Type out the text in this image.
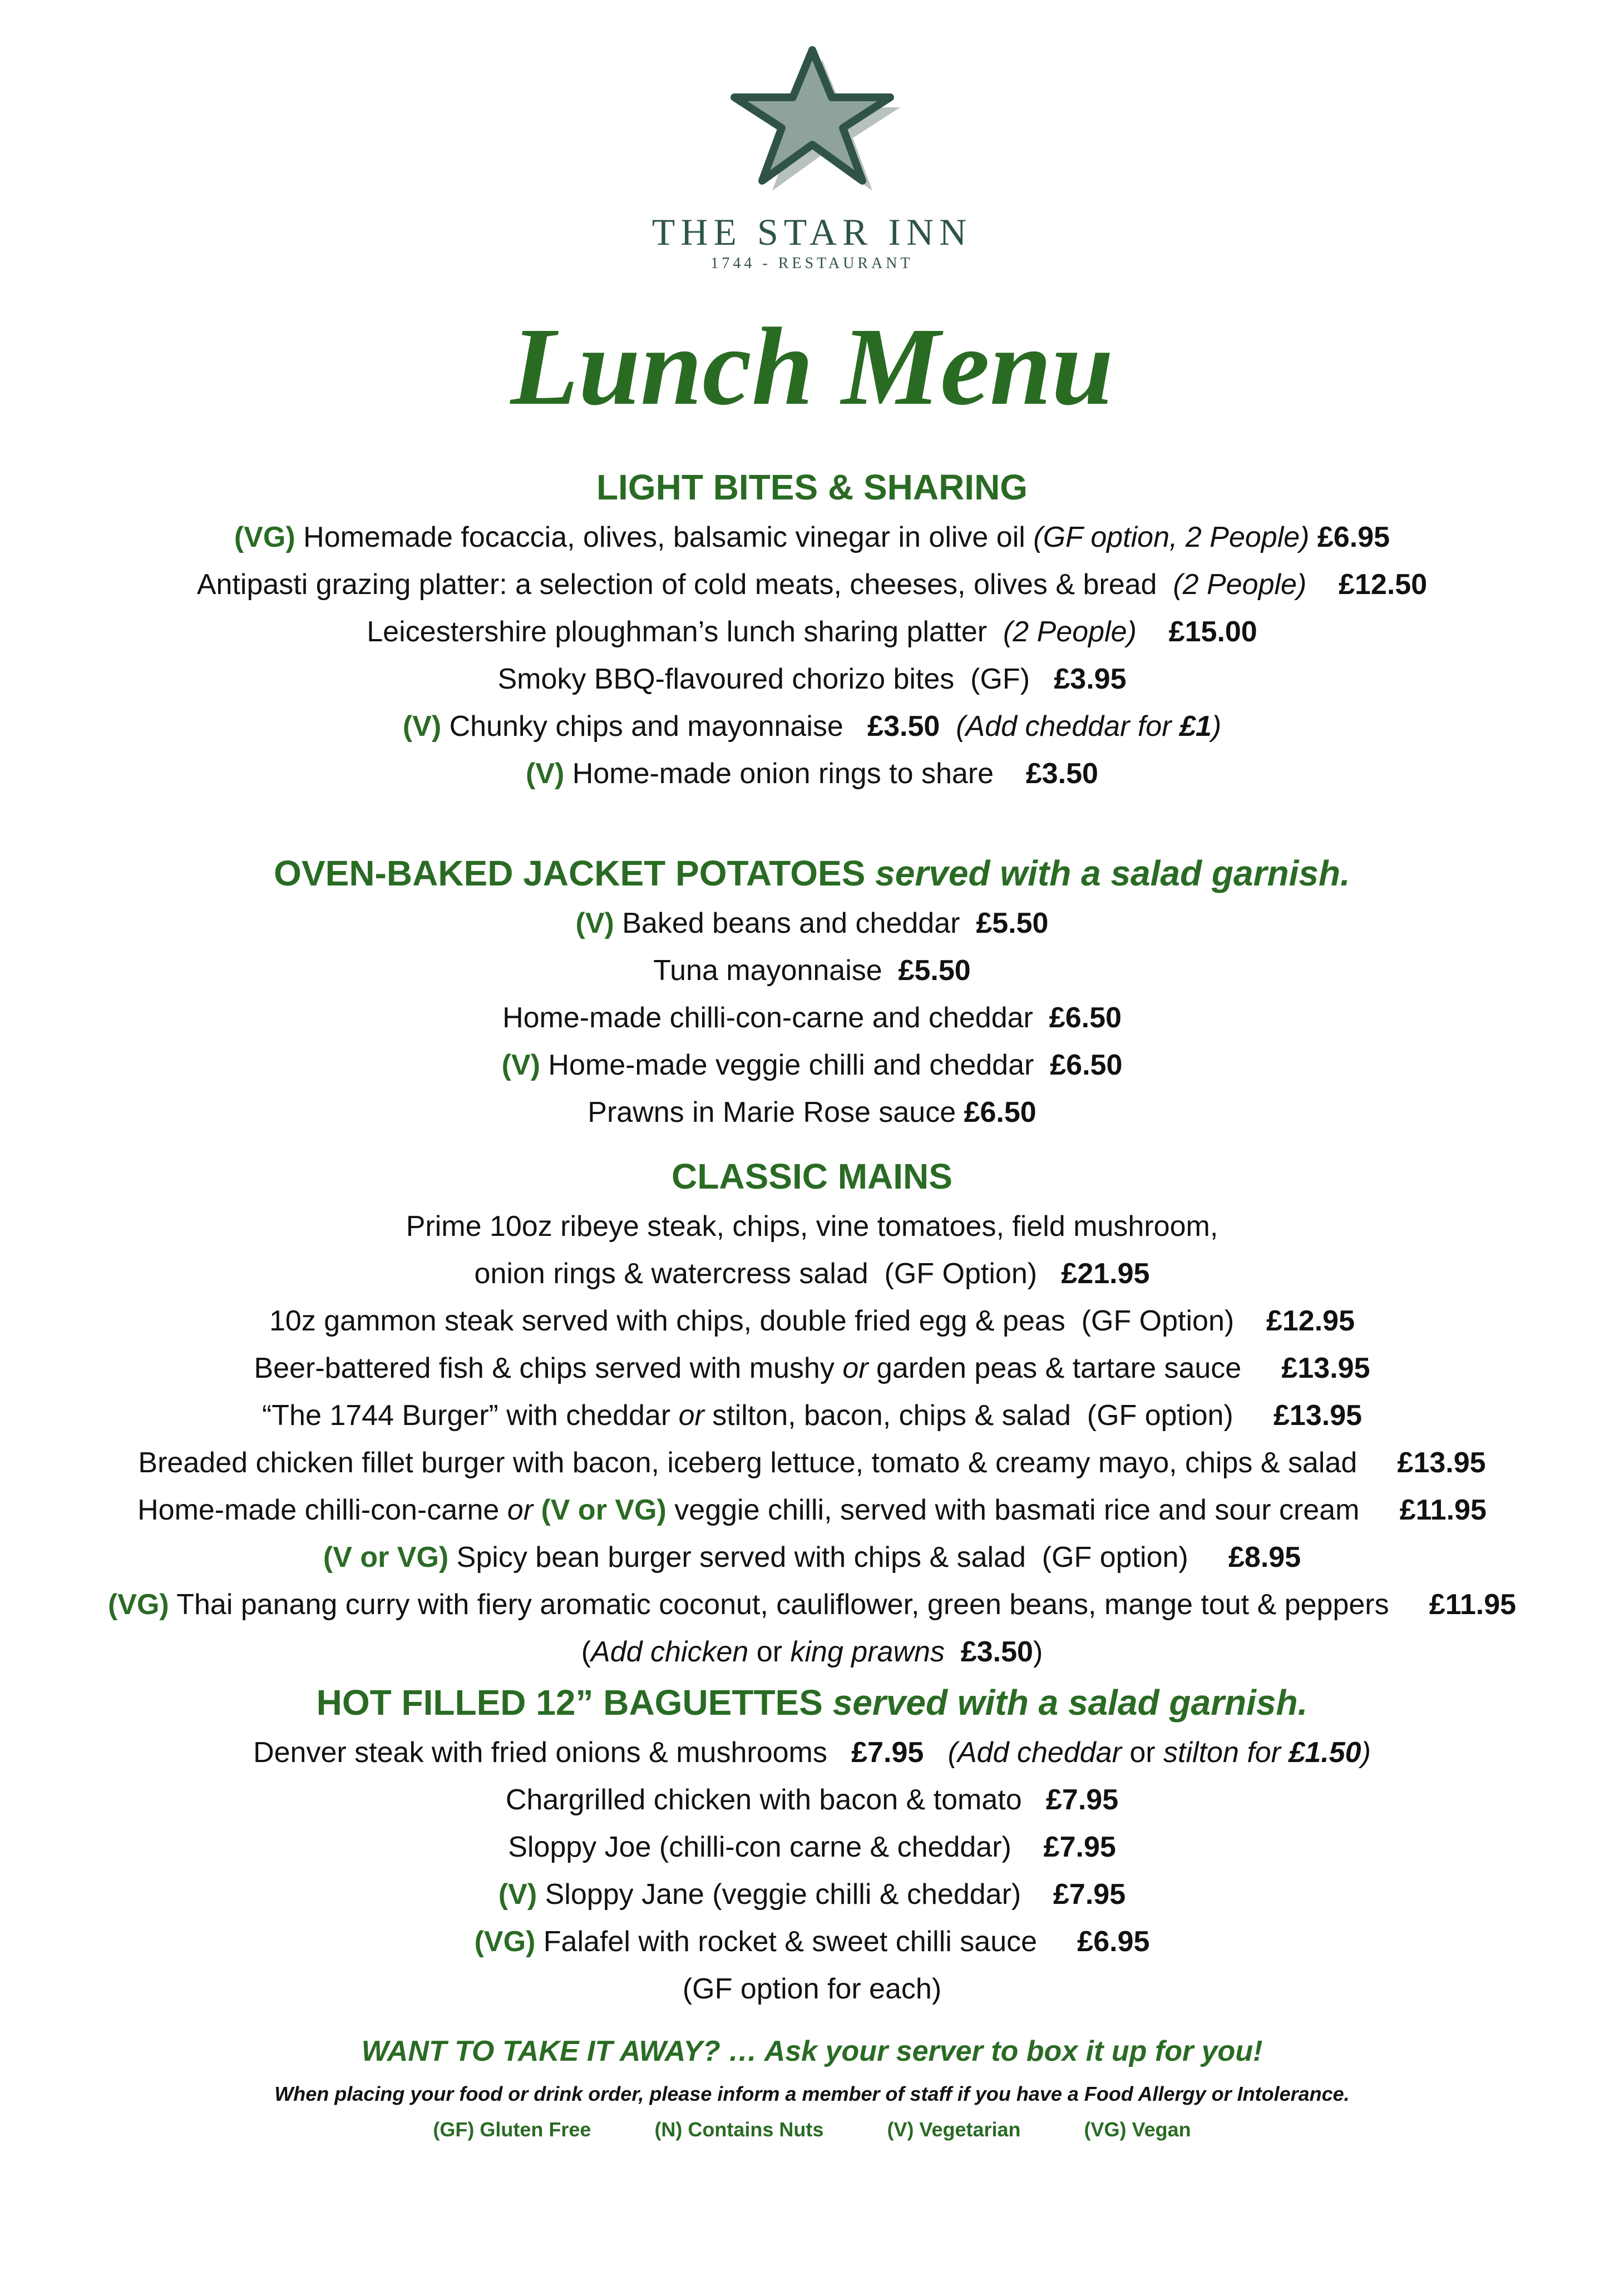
THE STAR INN
1744 - RESTAURANT
Lunch Menu
LIGHT BITES & SHARING
(VG) Homemade focaccia, olives, balsamic vinegar in olive oil (GF option, 2 People) £6.95
Antipasti grazing platter: a selection of cold meats, cheeses, olives & bread  (2 People)    £12.50
Leicestershire ploughman’s lunch sharing platter  (2 People)    £15.00
Smoky BBQ-flavoured chorizo bites  (GF)   £3.95
(V) Chunky chips and mayonnaise   £3.50  (Add cheddar for £1)
(V) Home-made onion rings to share    £3.50
OVEN-BAKED JACKET POTATOES served with a salad garnish.
(V) Baked beans and cheddar  £5.50
Tuna mayonnaise  £5.50
Home-made chilli-con-carne and cheddar  £6.50
(V) Home-made veggie chilli and cheddar  £6.50
Prawns in Marie Rose sauce £6.50
CLASSIC MAINS
Prime 10oz ribeye steak, chips, vine tomatoes, field mushroom,
onion rings & watercress salad  (GF Option)   £21.95
10z gammon steak served with chips, double fried egg & peas  (GF Option)    £12.95
Beer-battered fish & chips served with mushy or garden peas & tartare sauce     £13.95
“The 1744 Burger” with cheddar or stilton, bacon, chips & salad  (GF option)     £13.95
Breaded chicken fillet burger with bacon, iceberg lettuce, tomato & creamy mayo, chips & salad     £13.95
Home-made chilli-con-carne or (V or VG) veggie chilli, served with basmati rice and sour cream     £11.95
(V or VG) Spicy bean burger served with chips & salad  (GF option)     £8.95
(VG) Thai panang curry with fiery aromatic coconut, cauliflower, green beans, mange tout & peppers     £11.95
(Add chicken or king prawns  £3.50)
HOT FILLED 12” BAGUETTES served with a salad garnish.
Denver steak with fried onions & mushrooms   £7.95   (Add cheddar or stilton for £1.50)
Chargrilled chicken with bacon & tomato   £7.95
Sloppy Joe (chilli-con carne & cheddar)    £7.95
(V) Sloppy Jane (veggie chilli & cheddar)    £7.95
(VG) Falafel with rocket & sweet chilli sauce     £6.95
(GF option for each)
WANT TO TAKE IT AWAY? … Ask your server to box it up for you!
When placing your food or drink order, please inform a member of staff if you have a Food Allergy or Intolerance.
(GF) Gluten Free	(N) Contains Nuts	(V) Vegetarian	(VG) Vegan
